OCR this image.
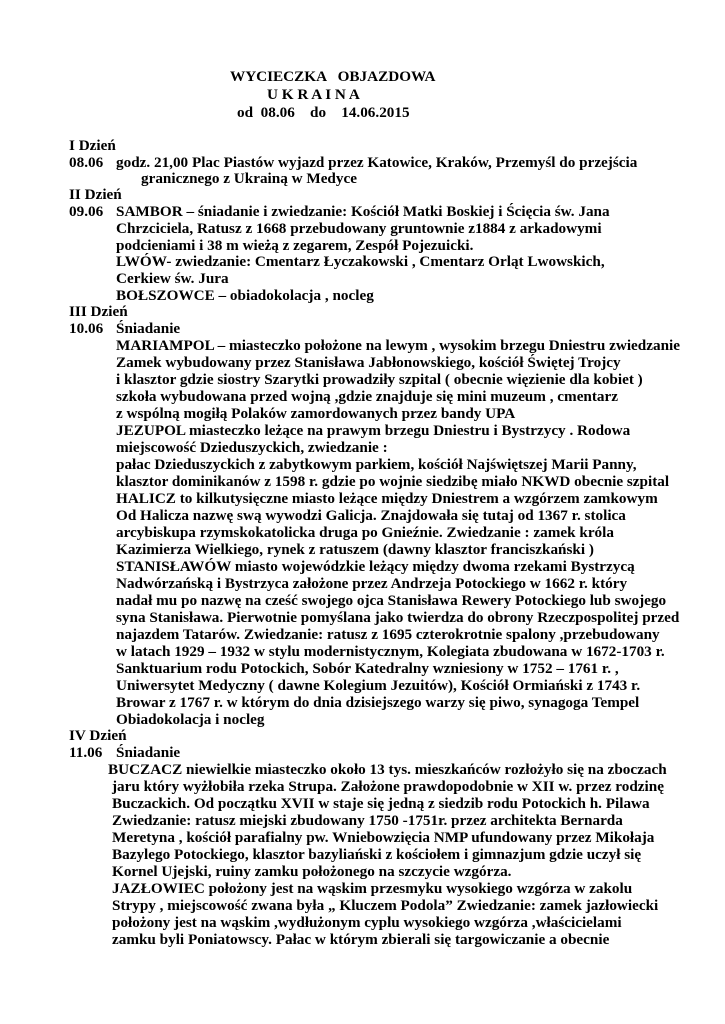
WYCIECZKA   OBJAZDOWA
U K R A I N A
od  08.06    do    14.06.2015
I Dzień
08.06 godz. 21,00 Plac Piastów wyjazd przez Katowice, Kraków, Przemyśl do przejścia
granicznego z Ukrainą w Medyce
II Dzień
09.06 SAMBOR – śniadanie i zwiedzanie: Kościół Matki Boskiej i Ścięcia św. Jana
Chrzciciela, Ratusz z 1668 przebudowany gruntownie z1884 z arkadowymi
podcieniami i 38 m wieżą z zegarem, Zespół Pojezuicki.
LWÓW- zwiedzanie: Cmentarz Łyczakowski , Cmentarz Orląt Lwowskich,
Cerkiew św. Jura
BOŁSZOWCE – obiadokolacja , nocleg
III Dzień
10.06 Śniadanie
MARIAMPOL – miasteczko położone na lewym , wysokim brzegu Dniestru zwiedzanie
Zamek wybudowany przez Stanisława Jabłonowskiego, kościół Świętej Trojcy
i klasztor gdzie siostry Szarytki prowadziły szpital ( obecnie więzienie dla kobiet )
szkoła wybudowana przed wojną ,gdzie znajduje się mini muzeum , cmentarz
z wspólną mogiłą Polaków zamordowanych przez bandy UPA
JEZUPOL miasteczko leżące na prawym brzegu Dniestru i Bystrzycy . Rodowa
miejscowość Dzieduszyckich, zwiedzanie :
pałac Dzieduszyckich z zabytkowym parkiem, kościół Najświętszej Marii Panny,
klasztor dominikanów z 1598 r. gdzie po wojnie siedzibę miało NKWD obecnie szpital
HALICZ to kilkutysięczne miasto leżące między Dniestrem a wzgórzem zamkowym
Od Halicza nazwę swą wywodzi Galicja. Znajdowała się tutaj od 1367 r. stolica
arcybiskupa rzymskokatolicka druga po Gnieźnie. Zwiedzanie : zamek króla
Kazimierza Wielkiego, rynek z ratuszem (dawny klasztor franciszkański )
STANISŁAWÓW miasto wojewódzkie leżący między dwoma rzekami Bystrzycą
Nadwórzańską i Bystrzyca założone przez Andrzeja Potockiego w 1662 r. który
nadał mu po nazwę na cześć swojego ojca Stanisława Rewery Potockiego lub swojego
syna Stanisława. Pierwotnie pomyślana jako twierdza do obrony Rzeczpospolitej przed
najazdem Tatarów. Zwiedzanie: ratusz z 1695 czterokrotnie spalony ,przebudowany
w latach 1929 – 1932 w stylu modernistycznym, Kolegiata zbudowana w 1672-1703 r.
Sanktuarium rodu Potockich, Sobór Katedralny wzniesiony w 1752 – 1761 r. ,
Uniwersytet Medyczny ( dawne Kolegium Jezuitów), Kościół Ormiański z 1743 r.
Browar z 1767 r. w którym do dnia dzisiejszego warzy się piwo, synagoga Tempel
Obiadokolacja i nocleg
IV Dzień
11.06 Śniadanie
BUCZACZ niewielkie miasteczko około 13 tys. mieszkańców rozłożyło się na zboczach
jaru który wyżłobiła rzeka Strupa. Założone prawdopodobnie w XII w. przez rodzinę
Buczackich. Od początku XVII w staje się jedną z siedzib rodu Potockich h. Pilawa
Zwiedzanie: ratusz miejski zbudowany 1750 -1751r. przez architekta Bernarda
Meretyna , kościół parafialny pw. Wniebowzięcia NMP ufundowany przez Mikołaja
Bazylego Potockiego, klasztor bazyliański z kościołem i gimnazjum gdzie uczył się
Kornel Ujejski, ruiny zamku położonego na szczycie wzgórza.
JAZŁOWIEC położony jest na wąskim przesmyku wysokiego wzgórza w zakolu
Strypy , miejscowość zwana była „ Kluczem Podola” Zwiedzanie: zamek jazłowiecki
położony jest na wąskim ,wydłużonym cyplu wysokiego wzgórza ,właścicielami
zamku byli Poniatowscy. Pałac w którym zbierali się targowiczanie a obecnie
